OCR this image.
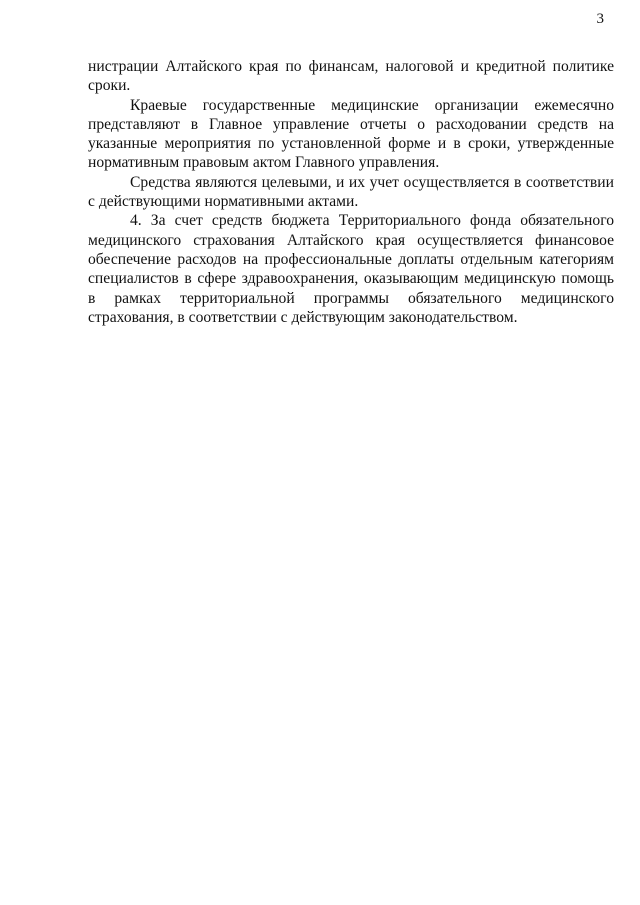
3

нистрации Алтайского края по финансам, налоговой и кредитной политике сроки.

Краевые государственные медицинские организации ежемесячно представляют в Главное управление отчеты о расходовании средств на указанные мероприятия по установленной форме и в сроки, утвержденные нормативным правовым актом Главного управления.

Средства являются целевыми, и их учет осуществляется в соответствии с действующими нормативными актами.

4. За счет средств бюджета Территориального фонда обязательного медицинского страхования Алтайского края осуществляется финансовое обеспечение расходов на профессиональные доплаты отдельным категориям специалистов в сфере здравоохранения, оказывающим медицинскую помощь в рамках территориальной программы обязательного медицинского страхования, в соответствии с действующим законодательством.
